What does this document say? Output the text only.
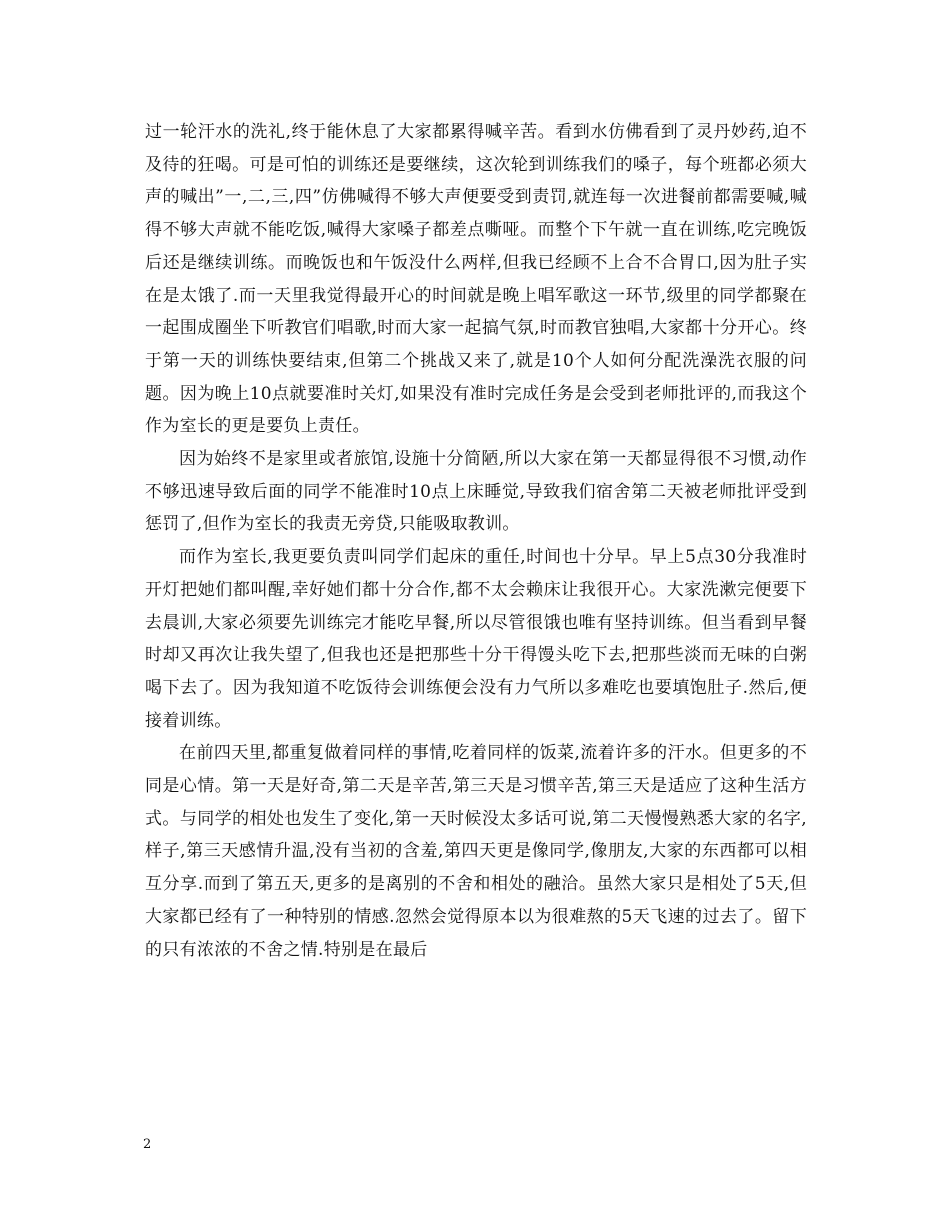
过一轮汗水的洗礼,终于能休息了大家都累得喊辛苦。看到水仿佛看到了灵丹妙药,迫不及待的狂喝。可是可怕的训练还是要继续，这次轮到训练我们的嗓子，每个班都必须大声的喊出”一,二,三,四”仿佛喊得不够大声便要受到责罚,就连每一次进餐前都需要喊,喊得不够大声就不能吃饭,喊得大家嗓子都差点嘶哑。而整个下午就一直在训练,吃完晚饭后还是继续训练。而晚饭也和午饭没什么两样,但我已经顾不上合不合胃口,因为肚子实在是太饿了.而一天里我觉得最开心的时间就是晚上唱军歌这一环节,级里的同学都聚在一起围成圈坐下听教官们唱歌,时而大家一起搞气氛,时而教官独唱,大家都十分开心。终于第一天的训练快要结束,但第二个挑战又来了,就是10个人如何分配洗澡洗衣服的问题。因为晚上10点就要准时关灯,如果没有准时完成任务是会受到老师批评的,而我这个作为室长的更是要负上责任。

因为始终不是家里或者旅馆,设施十分简陋,所以大家在第一天都显得很不习惯,动作不够迅速导致后面的同学不能准时10点上床睡觉,导致我们宿舍第二天被老师批评受到惩罚了,但作为室长的我责无旁贷,只能吸取教训。

而作为室长,我更要负责叫同学们起床的重任,时间也十分早。早上5点30分我准时开灯把她们都叫醒,幸好她们都十分合作,都不太会赖床让我很开心。大家洗漱完便要下去晨训,大家必须要先训练完才能吃早餐,所以尽管很饿也唯有坚持训练。但当看到早餐时却又再次让我失望了,但我也还是把那些十分干得馒头吃下去,把那些淡而无味的白粥喝下去了。因为我知道不吃饭待会训练便会没有力气所以多难吃也要填饱肚子.然后,便接着训练。

在前四天里,都重复做着同样的事情,吃着同样的饭菜,流着许多的汗水。但更多的不同是心情。第一天是好奇,第二天是辛苦,第三天是习惯辛苦,第三天是适应了这种生活方式。与同学的相处也发生了变化,第一天时候没太多话可说,第二天慢慢熟悉大家的名字,样子,第三天感情升温,没有当初的含羞,第四天更是像同学,像朋友,大家的东西都可以相互分享.而到了第五天,更多的是离别的不舍和相处的融洽。虽然大家只是相处了5天,但大家都已经有了一种特别的情感.忽然会觉得原本以为很难熬的5天飞速的过去了。留下的只有浓浓的不舍之情.特别是在最后

2
